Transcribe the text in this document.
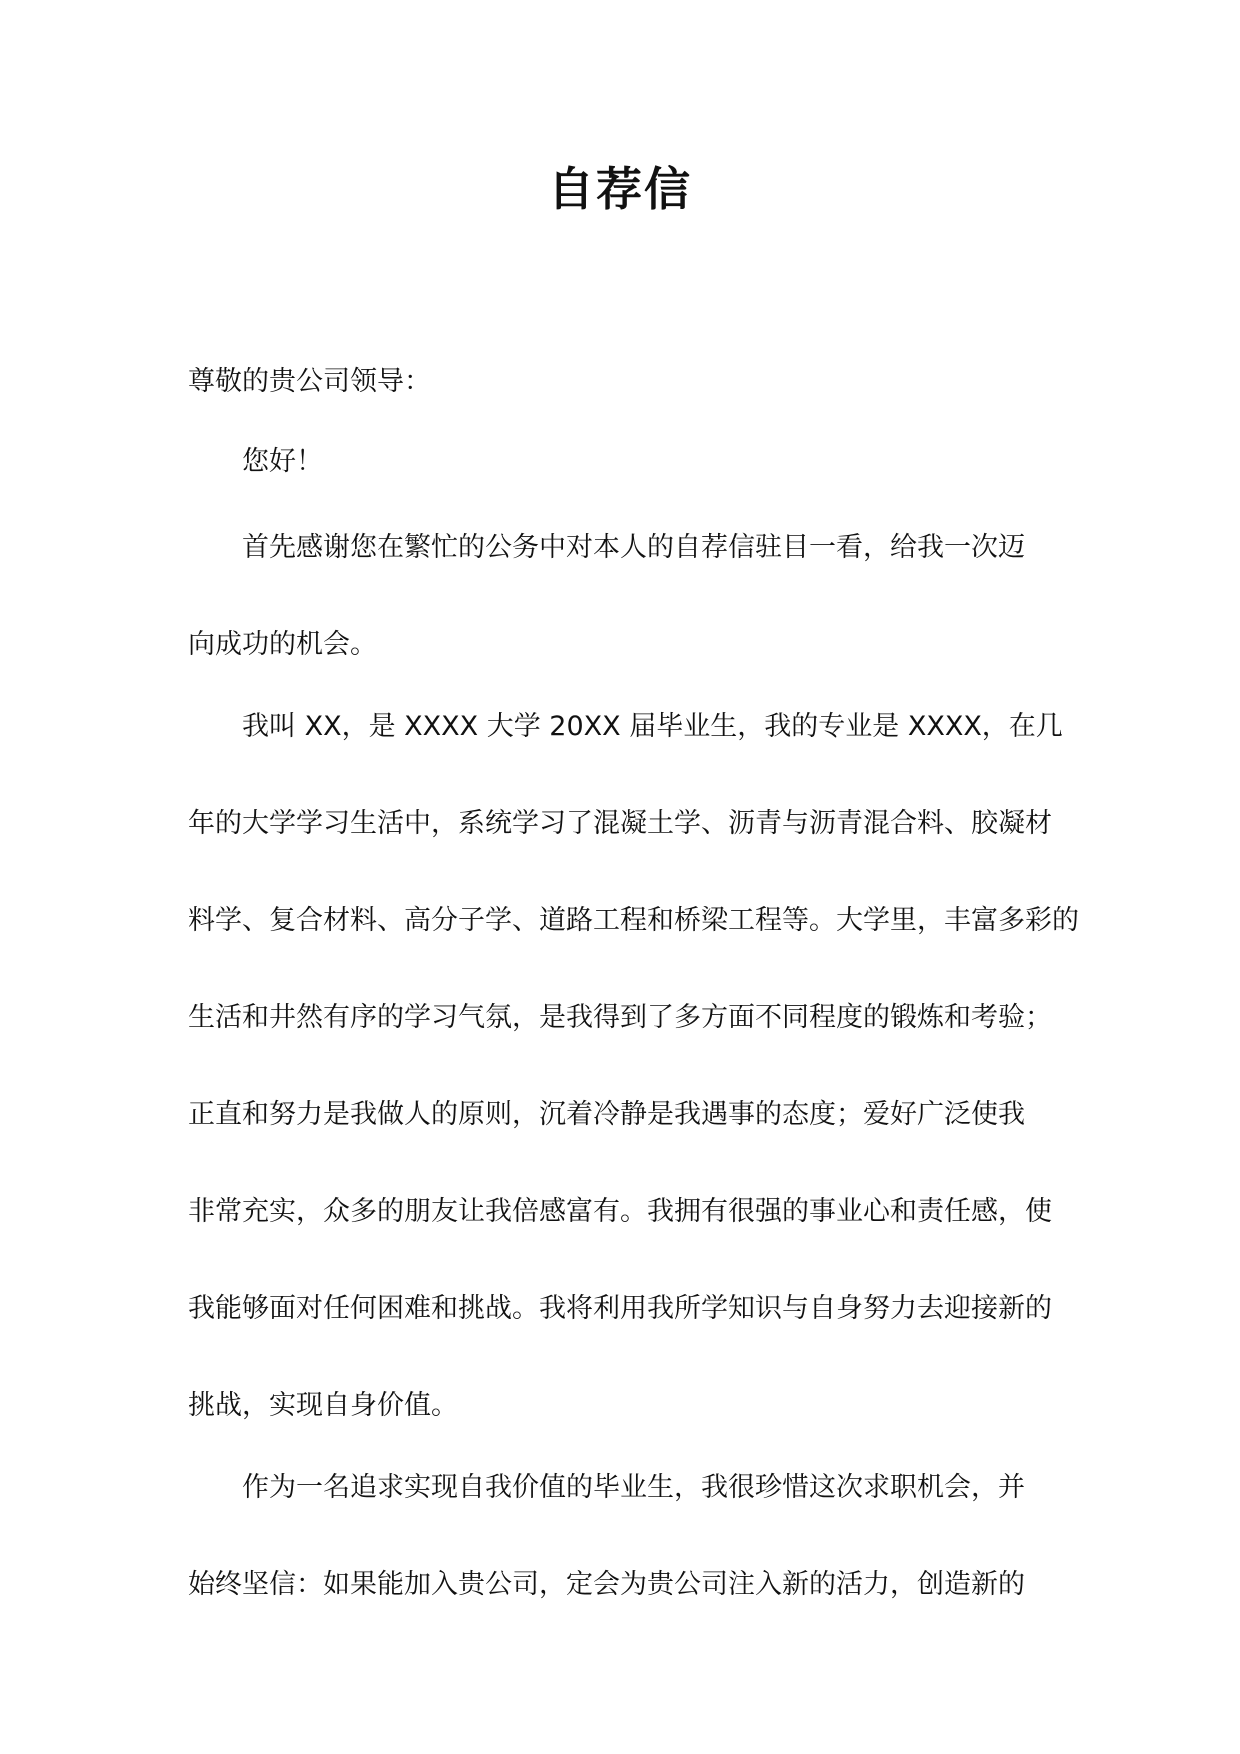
自荐信
尊敬的贵公司领导：
您好！
首先感谢您在繁忙的公务中对本人的自荐信驻目一看，给我一次迈
向成功的机会。
我叫 XX，是 XXXX 大学 20XX 届毕业生，我的专业是 XXXX，在几
年的大学学习生活中，系统学习了混凝土学、沥青与沥青混合料、胶凝材
料学、复合材料、高分子学、道路工程和桥梁工程等。大学里，丰富多彩的
生活和井然有序的学习气氛，是我得到了多方面不同程度的锻炼和考验；
正直和努力是我做人的原则，沉着冷静是我遇事的态度；爱好广泛使我
非常充实，众多的朋友让我倍感富有。我拥有很强的事业心和责任感，使
我能够面对任何困难和挑战。我将利用我所学知识与自身努力去迎接新的
挑战，实现自身价值。
作为一名追求实现自我价值的毕业生，我很珍惜这次求职机会，并
始终坚信：如果能加入贵公司，定会为贵公司注入新的活力，创造新的
